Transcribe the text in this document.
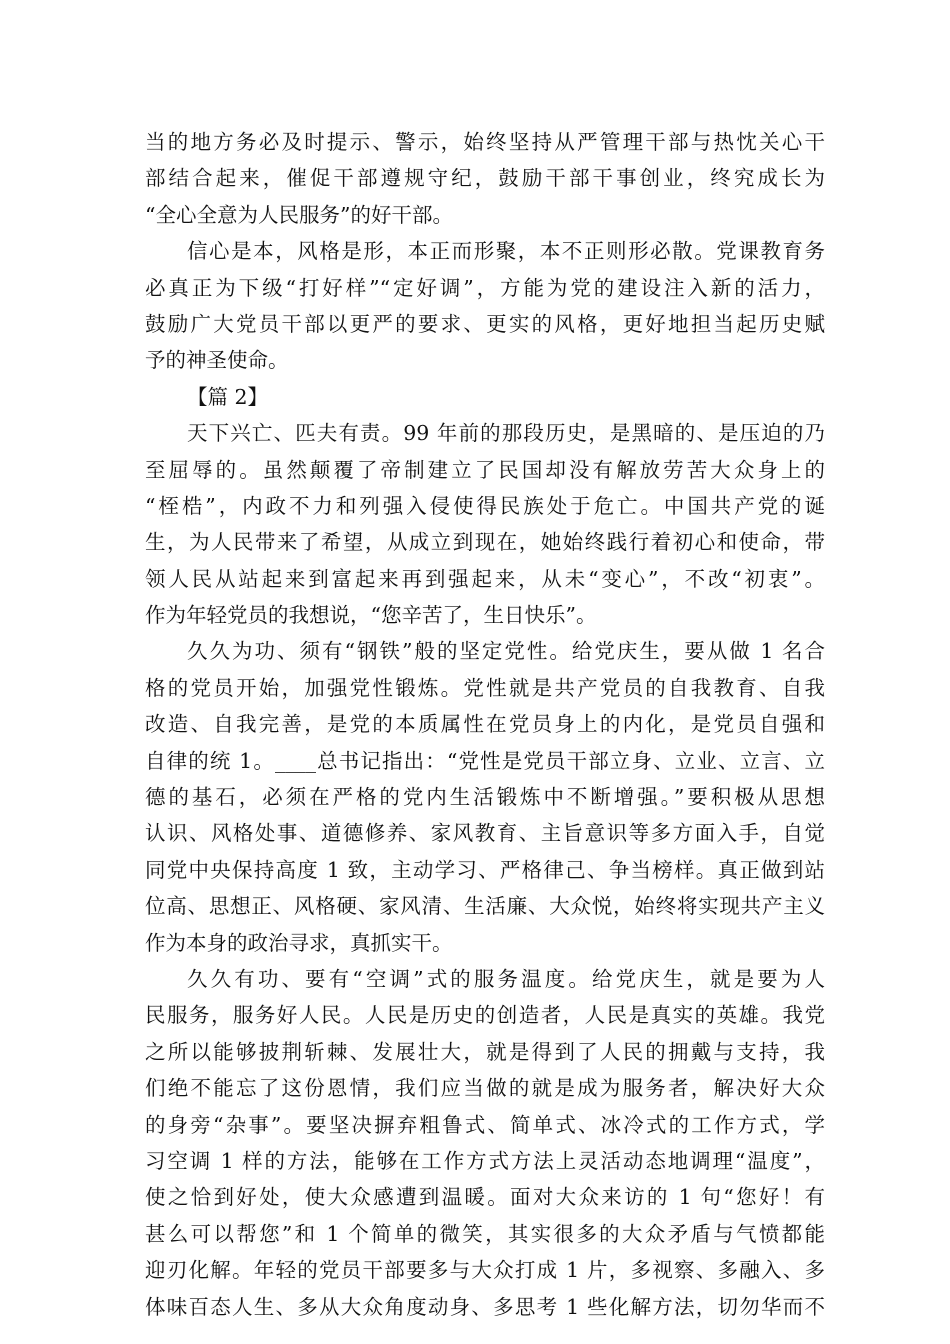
当的地方务必及时提示、警示，始终坚持从严管理干部与热忱关心干
部结合起来，催促干部遵规守纪，鼓励干部干事创业，终究成长为
“全心全意为人民服务”的好干部。
信心是本，风格是形，本正而形聚，本不正则形必散。党课教育务
必真正为下级“打好样”“定好调”，方能为党的建设注入新的活力，
鼓励广大党员干部以更严的要求、更实的风格，更好地担当起历史赋
予的神圣使命。
【篇 2】
天下兴亡、匹夫有责。99 年前的那段历史，是黑暗的、是压迫的乃
至屈辱的。虽然颠覆了帝制建立了民国却没有解放劳苦大众身上的
“桎梏”，内政不力和列强入侵使得民族处于危亡。中国共产党的诞
生，为人民带来了希望，从成立到现在，她始终践行着初心和使命，带
领人民从站起来到富起来再到强起来，从未“变心”，不改“初衷”。
作为年轻党员的我想说，“您辛苦了，生日快乐”。
久久为功、须有“钢铁”般的坚定党性。给党庆生，要从做 1 名合
格的党员开始，加强党性锻炼。党性就是共产党员的自我教育、自我
改造、自我完善，是党的本质属性在党员身上的内化，是党员自强和
自律的统 1。____总书记指出：“党性是党员干部立身、立业、立言、立
德的基石，必须在严格的党内生活锻炼中不断增强。”要积极从思想
认识、风格处事、道德修养、家风教育、主旨意识等多方面入手，自觉
同党中央保持高度 1 致，主动学习、严格律己、争当榜样。真正做到站
位高、思想正、风格硬、家风清、生活廉、大众悦，始终将实现共产主义
作为本身的政治寻求，真抓实干。
久久有功、要有“空调”式的服务温度。给党庆生，就是要为人
民服务，服务好人民。人民是历史的创造者，人民是真实的英雄。我党
之所以能够披荆斩棘、发展壮大，就是得到了人民的拥戴与支持，我
们绝不能忘了这份恩情，我们应当做的就是成为服务者，解决好大众
的身旁“杂事”。要坚决摒弃粗鲁式、简单式、冰冷式的工作方式，学
习空调 1 样的方法，能够在工作方式方法上灵活动态地调理“温度”，
使之恰到好处，使大众感遭到温暖。面对大众来访的 1 句“您好！有
甚么可以帮您”和 1 个简单的微笑，其实很多的大众矛盾与气愤都能
迎刃化解。年轻的党员干部要多与大众打成 1 片，多视察、多融入、多
体味百态人生、多从大众角度动身、多思考 1 些化解方法，切勿华而不
